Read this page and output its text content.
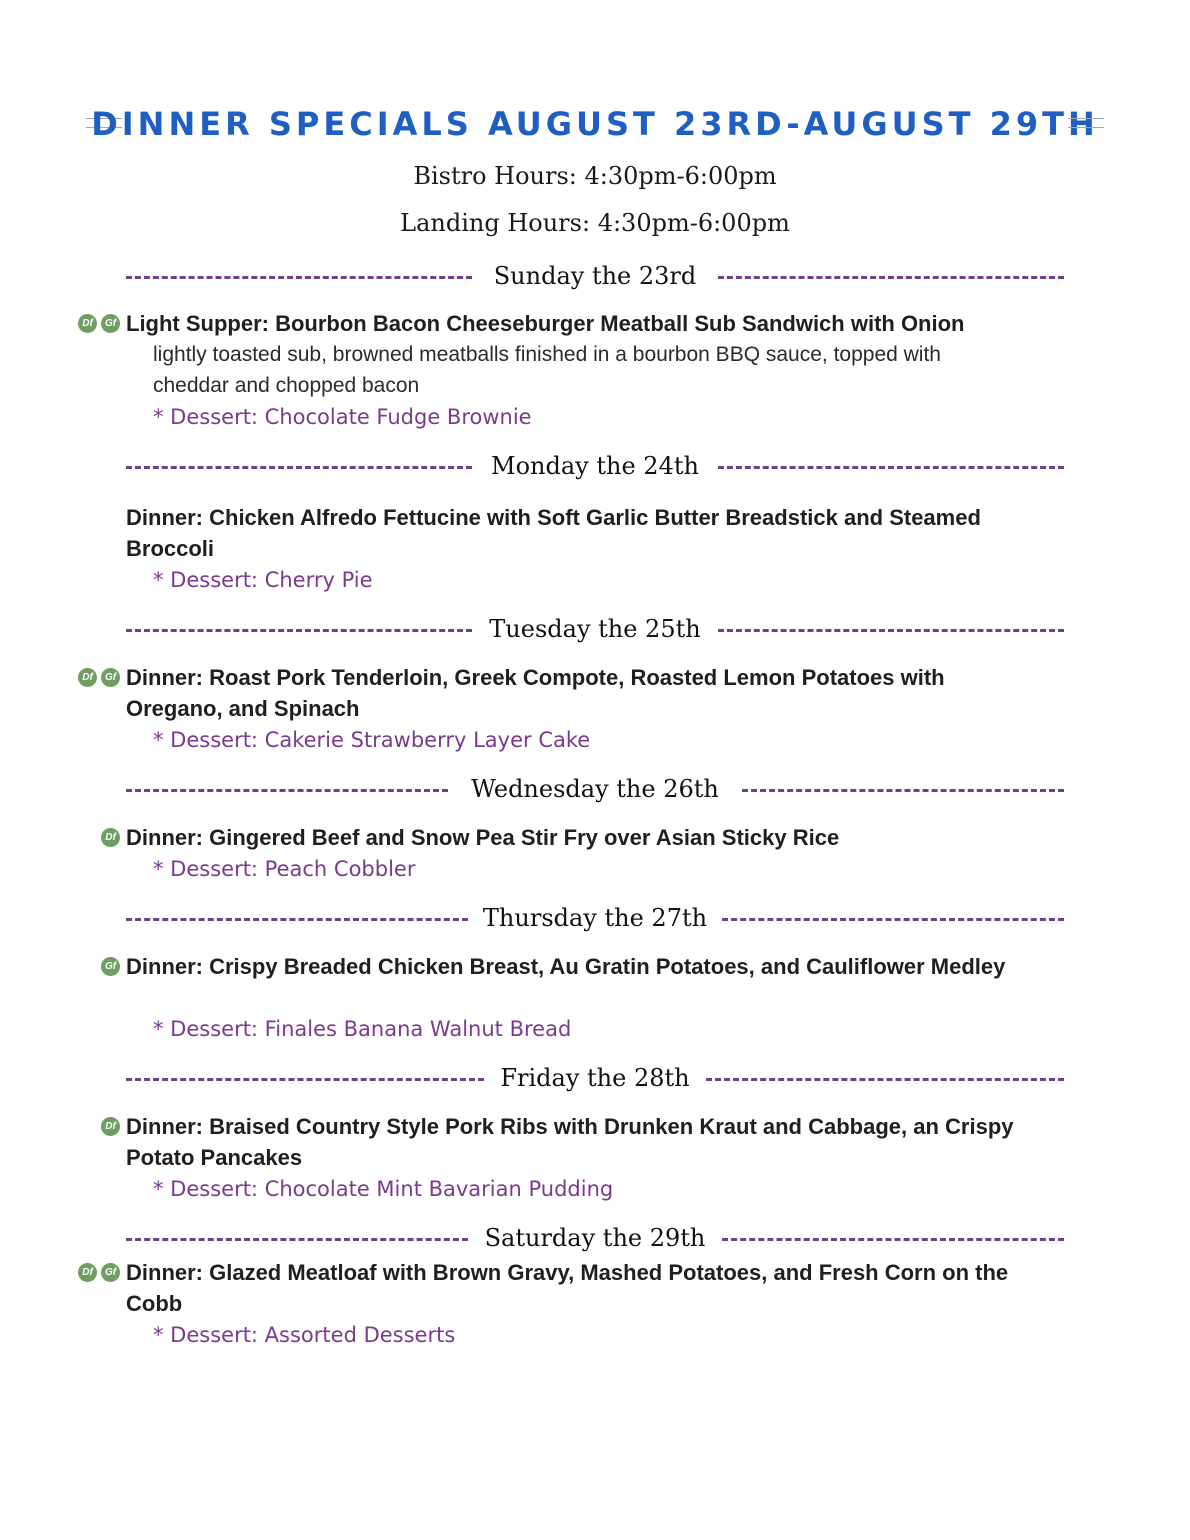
DINNER SPECIALS AUGUST 23RD-AUGUST 29TH
Bistro Hours: 4:30pm-6:00pm
Landing Hours: 4:30pm-6:00pm
Sunday the 23rd
Df	Gf Light Supper: Bourbon Bacon Cheeseburger Meatball Sub Sandwich with Onion
lightly toasted sub, browned meatballs finished in a bourbon BBQ sauce, topped with cheddar and chopped bacon
* Dessert: Chocolate Fudge Brownie
Monday the 24th
Dinner: Chicken Alfredo Fettucine with Soft Garlic Butter Breadstick and Steamed Broccoli
* Dessert: Cherry Pie
Tuesday the 25th
Df	Gf Dinner: Roast Pork Tenderloin, Greek Compote, Roasted Lemon Potatoes with Oregano, and Spinach
* Dessert: Cakerie Strawberry Layer Cake
Wednesday the 26th
Df Dinner: Gingered Beef and Snow Pea Stir Fry over Asian Sticky Rice
* Dessert: Peach Cobbler
Thursday the 27th
Gf Dinner: Crispy Breaded Chicken Breast, Au Gratin Potatoes, and Cauliflower Medley
* Dessert: Finales Banana Walnut Bread
Friday the 28th
Df Dinner: Braised Country Style Pork Ribs with Drunken Kraut and Cabbage, an Crispy Potato Pancakes
* Dessert: Chocolate Mint Bavarian Pudding
Saturday the 29th
Df	Gf Dinner: Glazed Meatloaf with Brown Gravy, Mashed Potatoes, and Fresh Corn on the Cobb
* Dessert: Assorted Desserts
